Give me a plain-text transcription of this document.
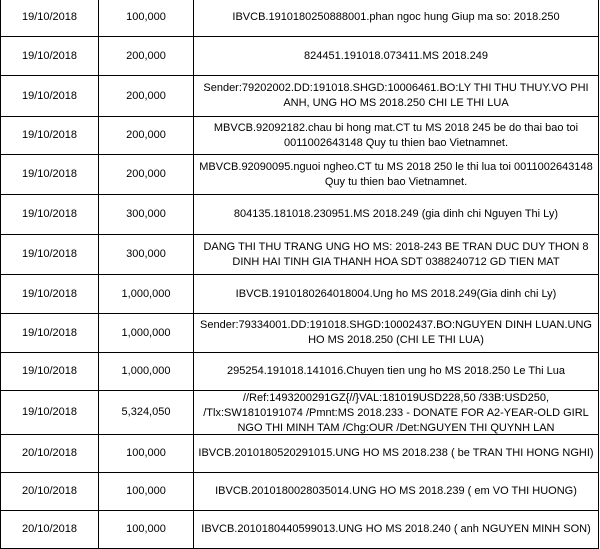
19/10/2018	100,000	IBVCB.1910180250888001.phan ngoc hung Giup ma so: 2018.250
19/10/2018	200,000	824451.191018.073411.MS 2018.249
19/10/2018	200,000	Sender:79202002.DD:191018.SHGD:10006461.BO:LY THI THU THUY.VO PHI ANH, UNG HO MS 2018.250 CHI LE THI LUA
19/10/2018	200,000	MBVCB.92092182.chau bi hong mat.CT tu MS 2018 245 be do thai bao toi 0011002643148 Quy tu thien bao Vietnamnet.
19/10/2018	200,000	MBVCB.92090095.nguoi ngheo.CT tu MS 2018 250 le thi lua toi 0011002643148 Quy tu thien bao Vietnamnet.
19/10/2018	300,000	804135.181018.230951.MS 2018.249 (gia dinh chi Nguyen Thi Ly)
19/10/2018	300,000	DANG THI THU TRANG UNG HO MS: 2018-243 BE TRAN DUC DUY THON 8 DINH HAI TINH GIA THANH HOA SDT 0388240712 GD TIEN MAT
19/10/2018	1,000,000	IBVCB.1910180264018004.Ung ho MS 2018.249(Gia dinh chi Ly)
19/10/2018	1,000,000	Sender:79334001.DD:191018.SHGD:10002437.BO:NGUYEN DINH LUAN.UNG HO MS 2018.250 (CHI LE THI LUA)
19/10/2018	1,000,000	295254.191018.141016.Chuyen tien ung ho MS 2018.250 Le Thi Lua
19/10/2018	5,324,050	//Ref:1493200291GZ{//}VAL:181019USD228,50 /33B:USD250, /Tlx:SW1810191074 /Pmnt:MS 2018.233 - DONATE FOR A2-YEAR-OLD GIRL NGO THI MINH TAM /Chg:OUR /Det:NGUYEN THI QUYNH LAN

20/10/2018	100,000	IBVCB.2010180520291015.UNG HO MS 2018.238 ( be TRAN THI HONG NGHI)
20/10/2018	100,000	IBVCB.2010180028035014.UNG HO MS 2018.239 ( em VO THI HUONG)
20/10/2018	100,000	IBVCB.2010180440599013.UNG HO MS 2018.240 ( anh NGUYEN MINH SON)
